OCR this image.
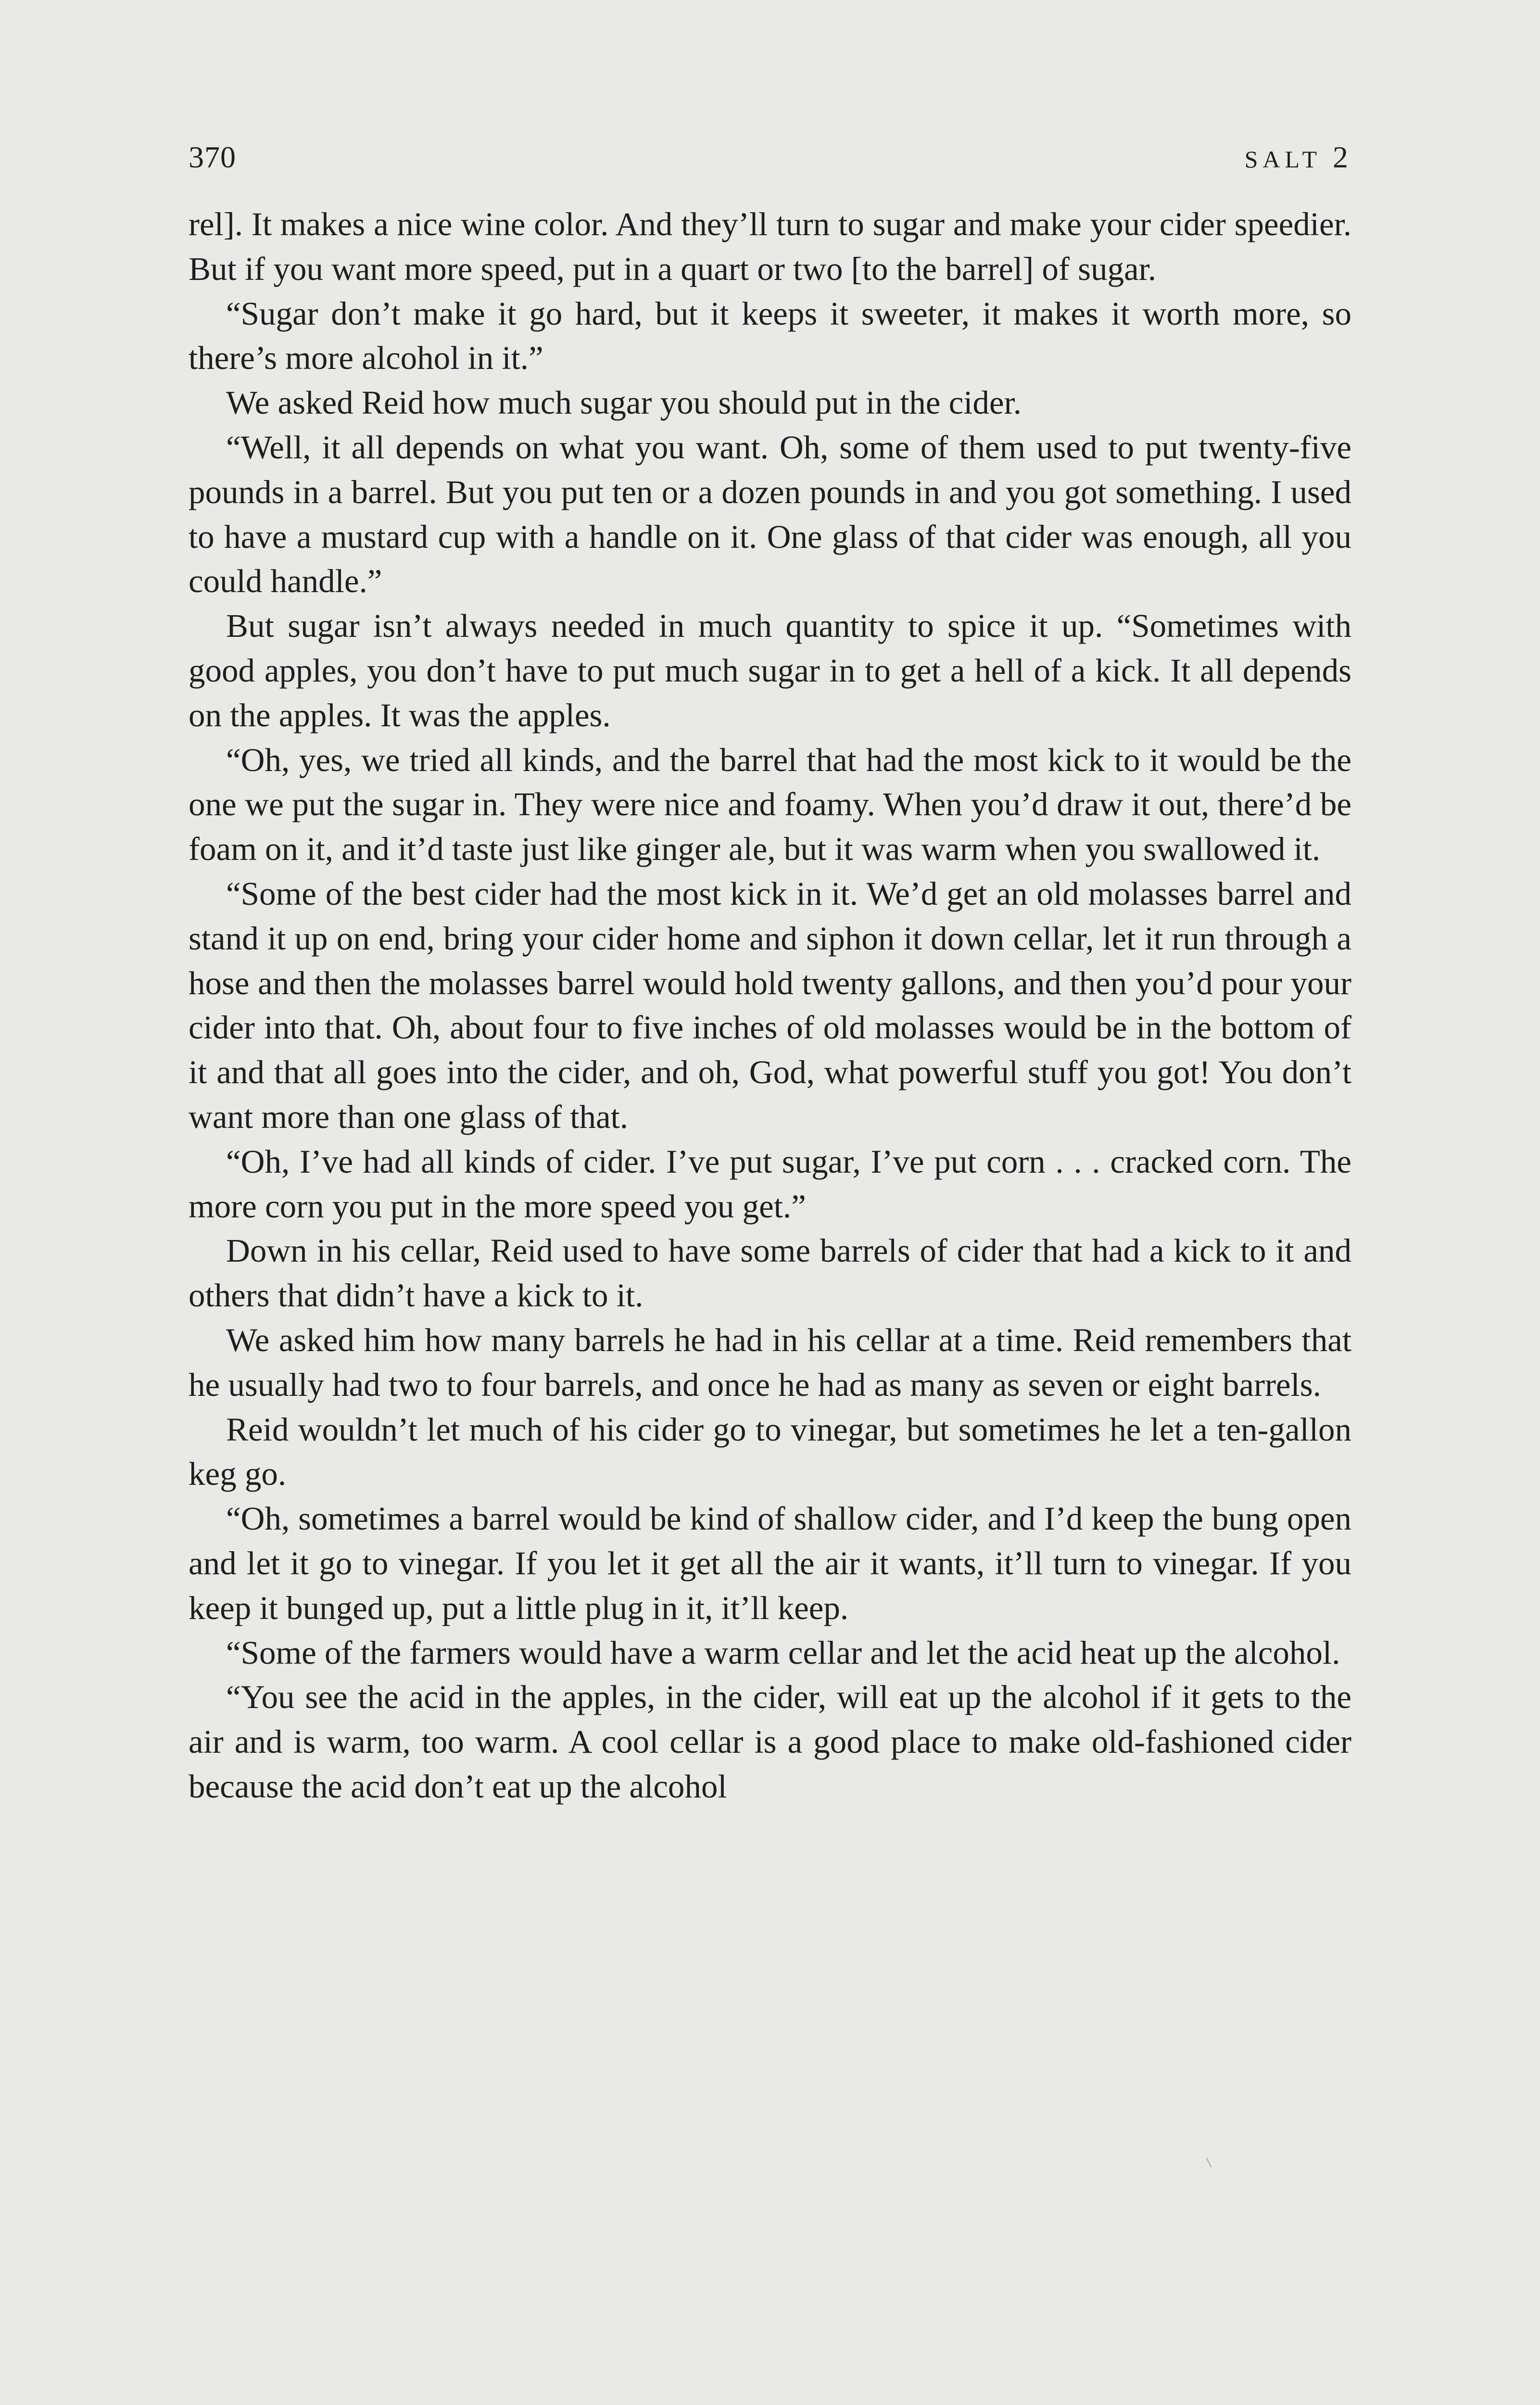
370	SALT 2

rel]. It makes a nice wine color. And they’ll turn to sugar and make your cider speedier. But if you want more speed, put in a quart or two [to the barrel] of sugar.

“Sugar don’t make it go hard, but it keeps it sweeter, it makes it worth more, so there’s more alcohol in it.”

We asked Reid how much sugar you should put in the cider.

“Well, it all depends on what you want. Oh, some of them used to put twenty-five pounds in a barrel. But you put ten or a dozen pounds in and you got something. I used to have a mustard cup with a handle on it. One glass of that cider was enough, all you could handle.”

But sugar isn’t always needed in much quantity to spice it up. “Sometimes with good apples, you don’t have to put much sugar in to get a hell of a kick. It all depends on the apples. It was the apples.

“Oh, yes, we tried all kinds, and the barrel that had the most kick to it would be the one we put the sugar in. They were nice and foamy. When you’d draw it out, there’d be foam on it, and it’d taste just like ginger ale, but it was warm when you swallowed it.

“Some of the best cider had the most kick in it. We’d get an old molasses barrel and stand it up on end, bring your cider home and siphon it down cellar, let it run through a hose and then the molasses barrel would hold twenty gallons, and then you’d pour your cider into that. Oh, about four to five inches of old molasses would be in the bottom of it and that all goes into the cider, and oh, God, what powerful stuff you got! You don’t want more than one glass of that.

“Oh, I’ve had all kinds of cider. I’ve put sugar, I’ve put corn . . . cracked corn. The more corn you put in the more speed you get.”

Down in his cellar, Reid used to have some barrels of cider that had a kick to it and others that didn’t have a kick to it.

We asked him how many barrels he had in his cellar at a time. Reid remembers that he usually had two to four barrels, and once he had as many as seven or eight barrels.

Reid wouldn’t let much of his cider go to vinegar, but sometimes he let a ten-gallon keg go.

“Oh, sometimes a barrel would be kind of shallow cider, and I’d keep the bung open and let it go to vinegar. If you let it get all the air it wants, it’ll turn to vinegar. If you keep it bunged up, put a little plug in it, it’ll keep.

“Some of the farmers would have a warm cellar and let the acid heat up the alcohol.

“You see the acid in the apples, in the cider, will eat up the alcohol if it gets to the air and is warm, too warm. A cool cellar is a good place to make old-fashioned cider because the acid don’t eat up the alcohol
